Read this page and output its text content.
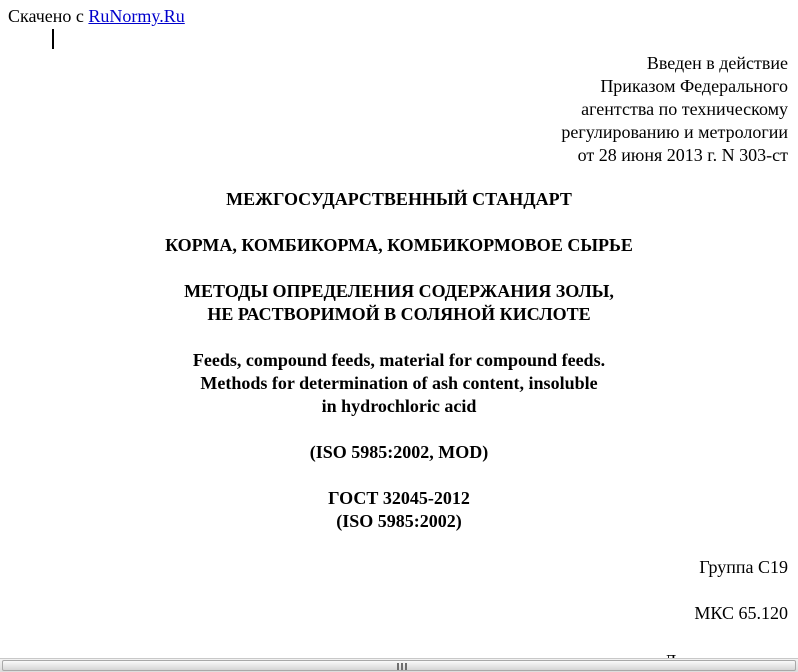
Скачено с RuNormy.Ru
Введен в действие
Приказом Федерального
агентства по техническому
регулированию и метрологии
от 28 июня 2013 г. N 303-ст
МЕЖГОСУДАРСТВЕННЫЙ СТАНДАРТ
КОРМА, КОМБИКОРМА, КОМБИКОРМОВОЕ СЫРЬЕ
МЕТОДЫ ОПРЕДЕЛЕНИЯ СОДЕРЖАНИЯ ЗОЛЫ,
НЕ РАСТВОРИМОЙ В СОЛЯНОЙ КИСЛОТЕ
Feeds, compound feeds, material for compound feeds.
Methods for determination of ash content, insoluble
in hydrochloric acid
(ISO 5985:2002, MOD)
ГОСТ 32045-2012
(ISO 5985:2002)
Группа С19
МКС 65.120
